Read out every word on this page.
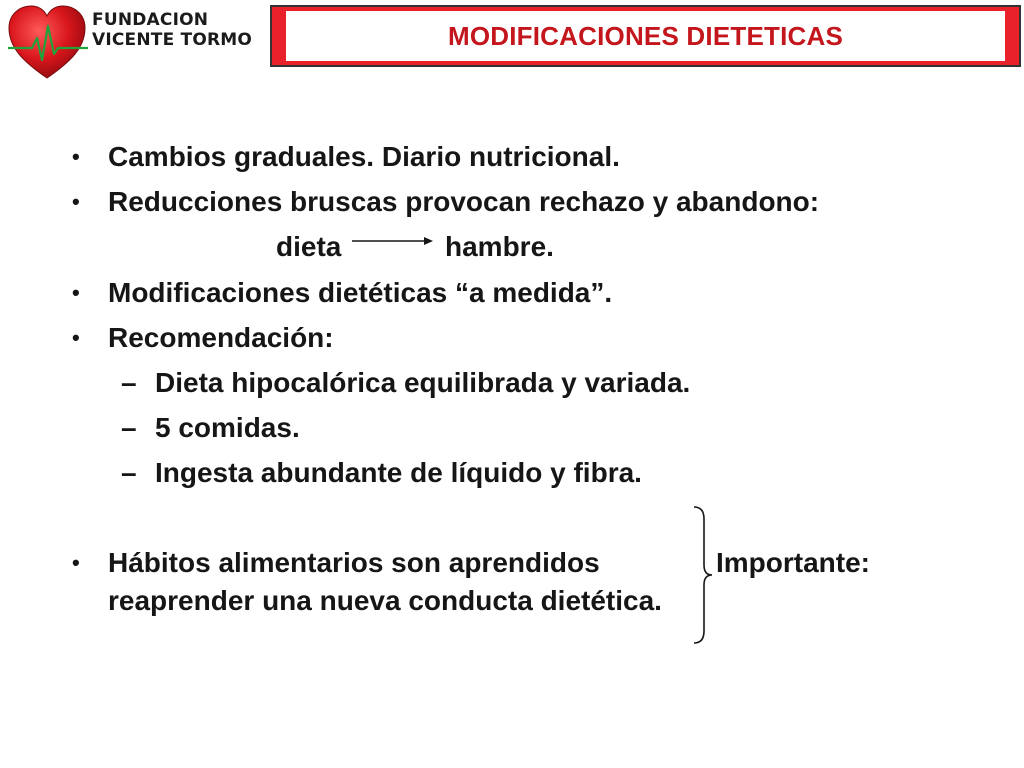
FUNDACION
VICENTE TORMO	MODIFICACIONES DIETETICAS
• Cambios graduales. Diario nutricional.
• Reducciones bruscas provocan rechazo y abandono:
dieta	hambre.
• Modificaciones dietéticas “a medida”.
• Recomendación:
– Dieta hipocalórica equilibrada y variada.
– 5 comidas.
– Ingesta abundante de líquido y fibra.
• Hábitos alimentarios son aprendidos
reaprender una nueva conducta dietética.
Importante:
